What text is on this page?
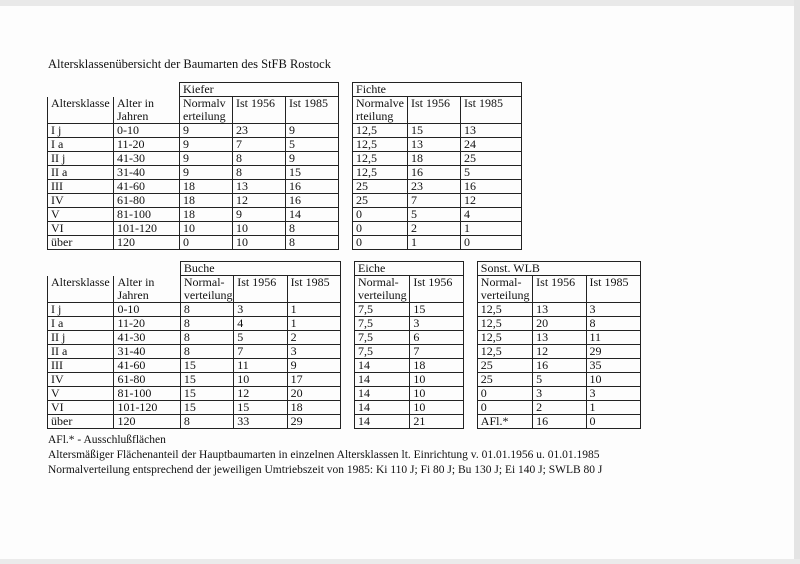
Altersklassenübersicht der Baumarten des StFB Rostock
		Kiefer				Fichte		
Altersklasse	Alter in Jahren	Normalverteilung	Ist 1956	Ist 1985		Normalverteilung	Ist 1956	Ist 1985
I j	0-10	9	23	9		12,5	15	13
I a	11-20	9	7	5		12,5	13	24
II j	41-30	9	8	9		12,5	18	25
II a	31-40	9	8	15		12,5	16	5
III	41-60	18	13	16		25	23	16
IV	61-80	18	12	16		25	7	12
V	81-100	18	9	14		0	5	4
VI	101-120	10	10	8		0	2	1
über	120	0	10	8		0	1	0
		Buche				Eiche			Sonst. WLB		
Altersklasse	Alter in Jahren	Normal-verteilung	Ist 1956	Ist 1985		Normal-verteilung	Ist 1956		Normal-verteilung	Ist 1956	Ist 1985
I j	0-10	8	3	1		7,5	15		12,5	13	3
I a	11-20	8	4	1		7,5	3		12,5	20	8
II j	41-30	8	5	2		7,5	6		12,5	13	11
II a	31-40	8	7	3		7,5	7		12,5	12	29
III	41-60	15	11	9		14	18		25	16	35
IV	61-80	15	10	17		14	10		25	5	10
V	81-100	15	12	20		14	10		0	3	3
VI	101-120	15	15	18		14	10		0	2	1
über	120	8	33	29		14	21		AFl.*	16	0
AFl.* - Ausschlußflächen
Altersmäßiger Flächenanteil der Hauptbaumarten in einzelnen Altersklassen lt. Einrichtung v. 01.01.1956 u. 01.01.1985
Normalverteilung entsprechend der jeweiligen Umtriebszeit von 1985: Ki 110 J; Fi 80 J; Bu 130 J; Ei 140 J; SWLB 80 J
